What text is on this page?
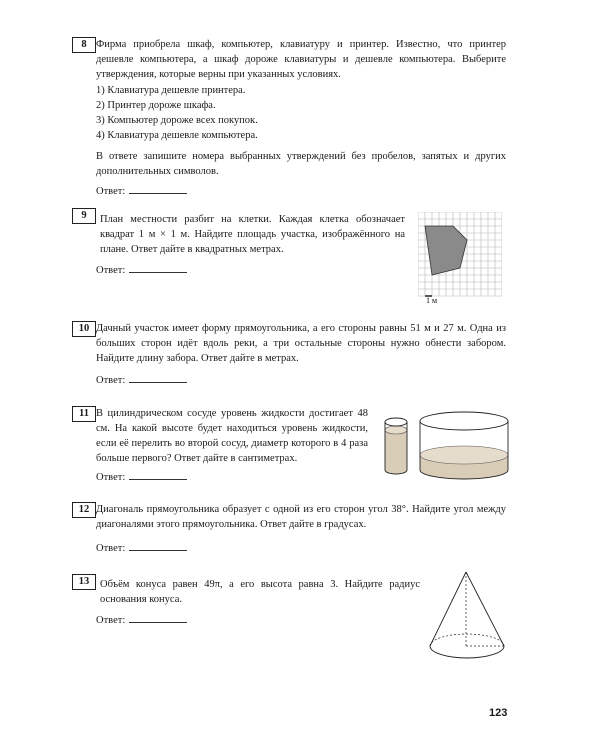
8 Фирма приобрела шкаф, компьютер, клавиатуру и принтер. Известно, что принтер дешевле компьютера, а шкаф дороже клавиатуры и дешевле компьютера. Выберите утверждения, которые верны при указанных условиях.
1) Клавиатура дешевле принтера.
2) Принтер дороже шкафа.
3) Компьютер дороже всех покупок.
4) Клавиатура дешевле компьютера.
В ответе запишите номера выбранных утверждений без пробелов, запятых и других дополнительных символов.
Ответ:
9	План местности разбит на клетки. Каждая клетка обозначает квадрат 1 м × 1 м. Найдите площадь участка, изображённого на плане. Ответ дайте в квадратных метрах.
Ответ:
1 м
10 Дачный участок имеет форму прямоугольника, а его стороны равны 51 м и 27 м. Одна из больших сторон идёт вдоль реки, а три остальные стороны нужно обнести забором. Найдите длину забора. Ответ дайте в метрах.
Ответ:
11 В цилиндрическом сосуде уровень жидкости достигает 48 см. На какой высоте будет находиться уровень жидкости, если её перелить во второй сосуд, диаметр которого в 4 раза больше первого? Ответ дайте в сантиметрах.
Ответ:
12 Диагональ прямоугольника образует с одной из его сторон угол 38°. Найдите угол между диагоналями этого прямоугольника. Ответ дайте в градусах.
Ответ:
13	Объём конуса равен 49π, а его высота равна 3. Найдите радиус основания конуса.
Ответ:
123
